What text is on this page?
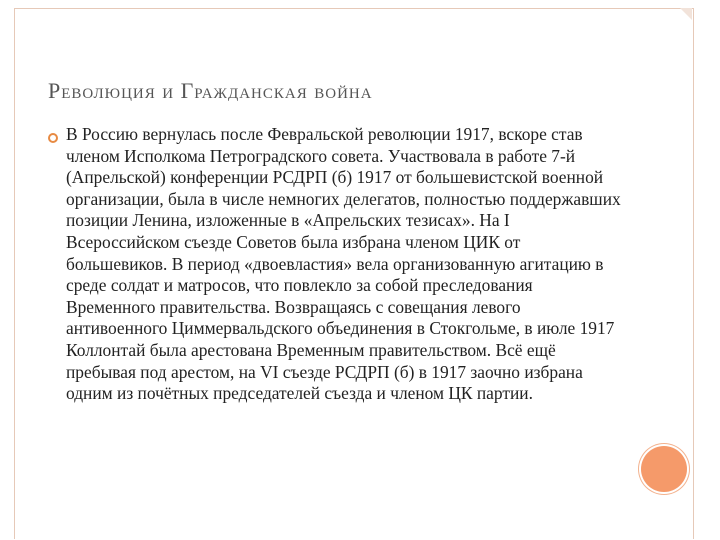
Революция и Гражданская война

В Россию вернулась после Февральской революции 1917, вскоре став членом Исполкома Петроградского совета. Участвовала в работе 7-й (Апрельской) конференции РСДРП (б) 1917 от большевистской военной организации, была в числе немногих делегатов, полностью поддержавших позиции Ленина, изложенные в «Апрельских тезисах». На I Всероссийском съезде Советов была избрана членом ЦИК от большевиков. В период «двоевластия» вела организованную агитацию в среде солдат и матросов, что повлекло за собой преследования Временного правительства. Возвращаясь с совещания левого антивоенного Циммервальдского объединения в Стокгольме, в июле 1917 Коллонтай была арестована Временным правительством. Всё ещё пребывая под арестом, на VI съезде РСДРП (б) в 1917 заочно избрана одним из почётных председателей съезда и членом ЦК партии.
